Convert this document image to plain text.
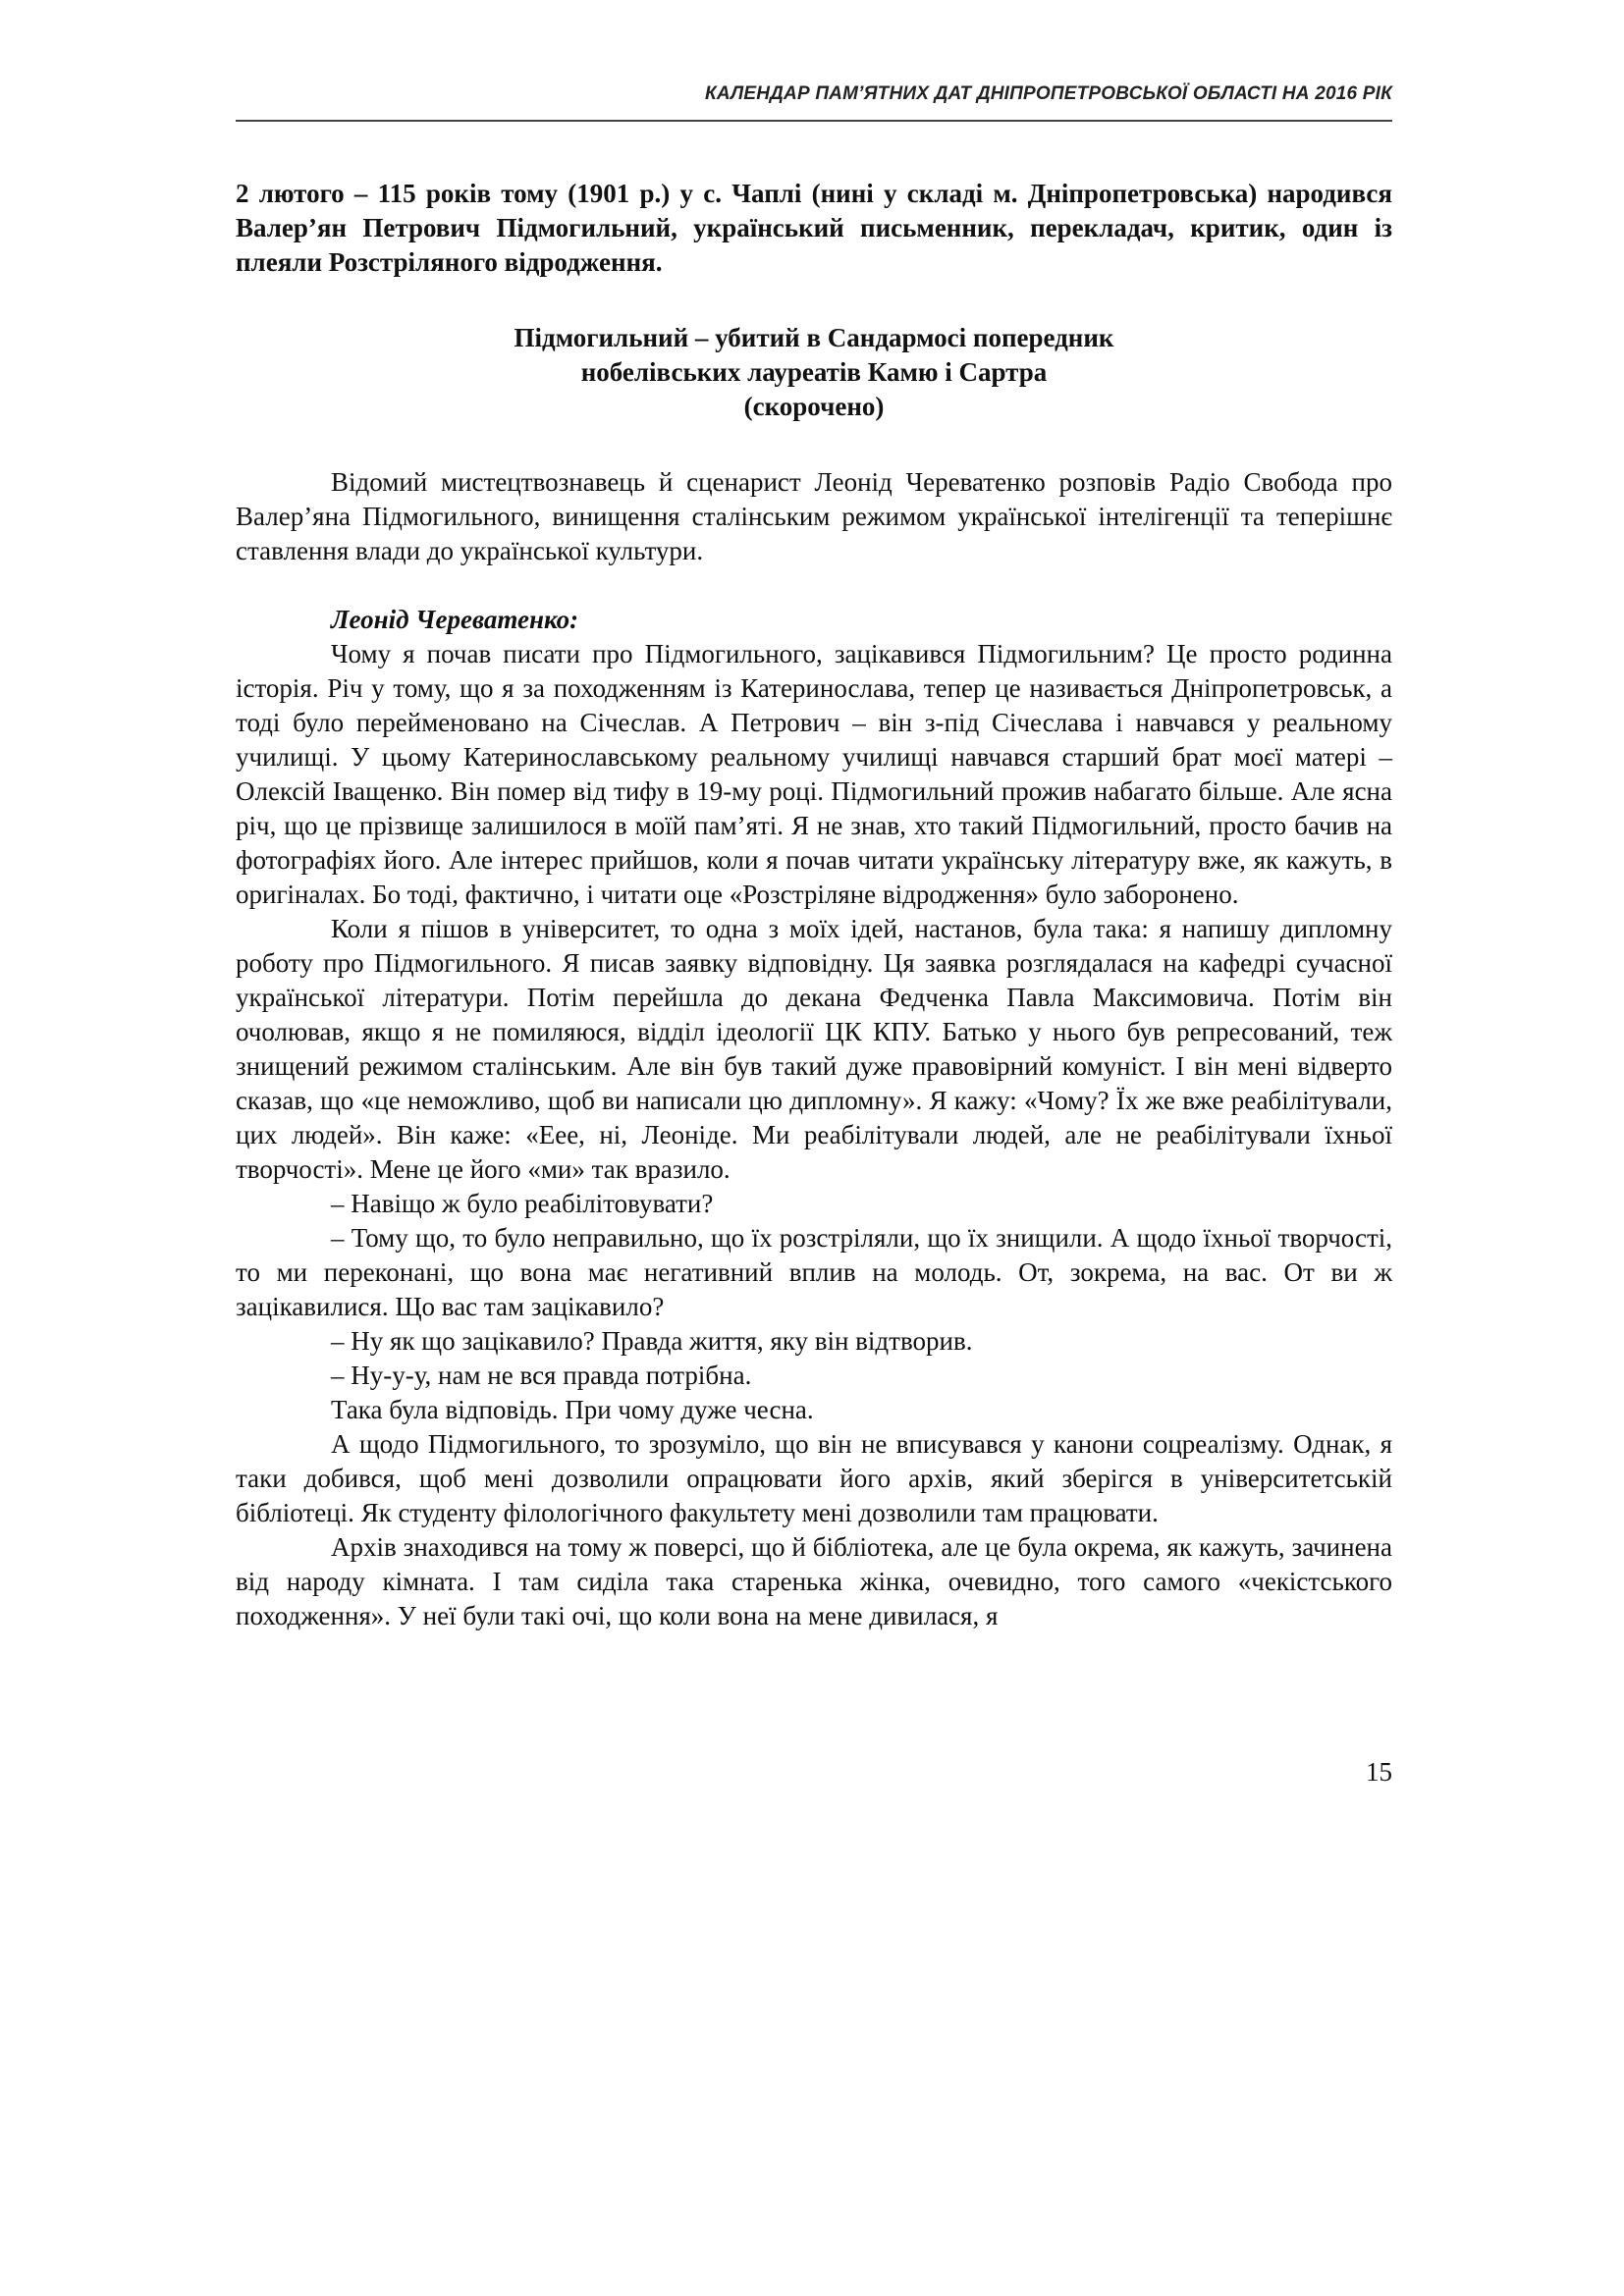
КАЛЕНДАР ПАМ’ЯТНИХ ДАТ ДНІПРОПЕТРОВСЬКОЇ ОБЛАСТІ НА 2016 РІК

2 лютого – 115 років тому (1901 р.) у с. Чаплі (нині у складі м. Дніпропетровська) народився Валер’ян Петрович Підмогильний, український письменник, перекладач, критик, один із плеяли Розстріляного відродження.

Підмогильний – убитий в Сандармосі попередник
нобелівських лауреатів Камю і Сартра
(скорочено)

Відомий мистецтвознавець й сценарист Леонід Череватенко розповів Радіо Свобода про Валер’яна Підмогильного, винищення сталінським режимом української інтелігенції та теперішнє ставлення влади до української культури.

Леонід Череватенко:

Чому я почав писати про Підмогильного, зацікавився Підмогильним? Це просто родинна історія. Річ у тому, що я за походженням із Катеринослава, тепер це називається Дніпропетровськ, а тоді було перейменовано на Січеслав. А Петрович – він з-під Січеслава і навчався у реальному училищі. У цьому Катеринославському реальному училищі навчався старший брат моєї матері – Олексій Іващенко. Він помер від тифу в 19-му році. Підмогильний прожив набагато більше. Але ясна річ, що це прізвище залишилося в моїй пам’яті. Я не знав, хто такий Підмогильний, просто бачив на фотографіях його. Але інтерес прийшов, коли я почав читати українську літературу вже, як кажуть, в оригіналах. Бо тоді, фактично, і читати оце «Розстріляне відродження» було заборонено.

Коли я пішов в університет, то одна з моїх ідей, настанов, була така: я напишу дипломну роботу про Підмогильного. Я писав заявку відповідну. Ця заявка розглядалася на кафедрі сучасної української літератури. Потім перейшла до декана Федченка Павла Максимовича. Потім він очолював, якщо я не помиляюся, відділ ідеології ЦК КПУ. Батько у нього був репресований, теж знищений режимом сталінським. Але він був такий дуже правовірний комуніст. І він мені відверто сказав, що «це неможливо, щоб ви написали цю дипломну». Я кажу: «Чому? Їх же вже реабілітували, цих людей». Він каже: «Еее, ні, Леоніде. Ми реабілітували людей, але не реабілітували їхньої творчості». Мене це його «ми» так вразило.

– Навіщо ж було реабілітовувати?

– Тому що, то було неправильно, що їх розстріляли, що їх знищили. А щодо їхньої творчості, то ми переконані, що вона має негативний вплив на молодь. От, зокрема, на вас. От ви ж зацікавилися. Що вас там зацікавило?

– Ну як що зацікавило? Правда життя, яку він відтворив.

– Ну-у-у, нам не вся правда потрібна.

Така була відповідь. При чому дуже чесна.

А щодо Підмогильного, то зрозуміло, що він не вписувався у канони соцреалізму. Однак, я таки добився, щоб мені дозволили опрацювати його архів, який зберігся в університетській бібліотеці. Як студенту філологічного факультету мені дозволили там працювати.

Архів знаходився на тому ж поверсі, що й бібліотека, але це була окрема, як кажуть, зачинена від народу кімната. І там сиділа така старенька жінка, очевидно, того самого «чекістського походження». У неї були такі очі, що коли вона на мене дивилася, я

15
